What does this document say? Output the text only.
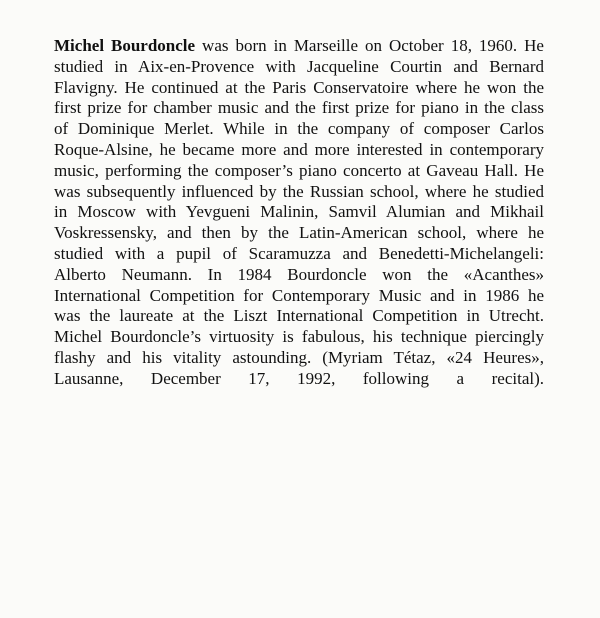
Michel Bourdoncle was born in Marseille on October 18, 1960. He
studied in Aix-en-Provence with Jacqueline Courtin and Bernard
Flavigny. He continued at the Paris Conservatoire where he won the
first prize for chamber music and the first prize for piano in the class
of Dominique Merlet. While in the company of composer Carlos
Roque-Alsine, he became more and more interested in contemporary
music, performing the composer’s piano concerto at Gaveau Hall. He
was subsequently influenced by the Russian school, where he studied
in Moscow with Yevgueni Malinin, Samvil Alumian and Mikhail
Voskressensky, and then by the Latin-American school, where he
studied with a pupil of Scaramuzza and Benedetti-Michelangeli:
Alberto Neumann. In 1984 Bourdoncle won the «Acanthes»
International Competition for Contemporary Music and in 1986 he
was the laureate at the Liszt International Competition in Utrecht.
Michel Bourdoncle’s virtuosity is fabulous, his technique piercingly
flashy and his vitality astounding. (Myriam Tétaz, «24 Heures»,
Lausanne, December 17, 1992, following a recital).
